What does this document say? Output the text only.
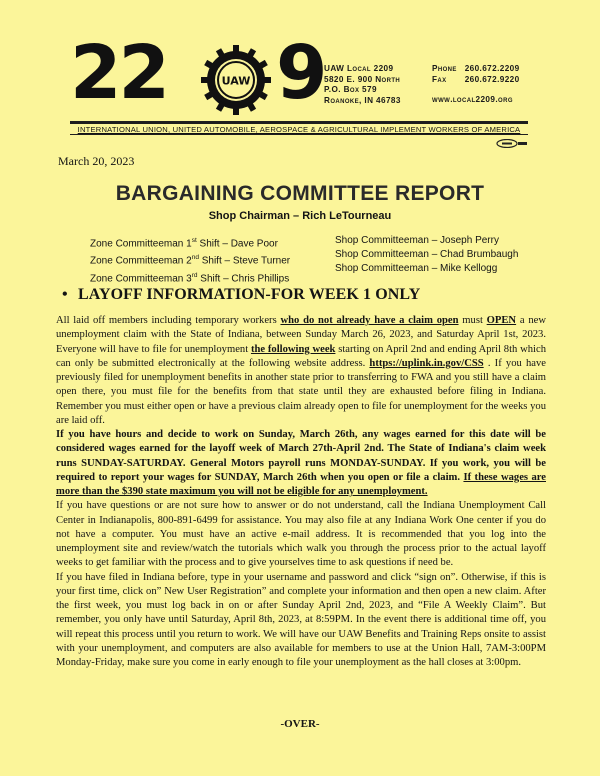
22	UAW 9 UAW Local 2209
5820 E. 900 North
P.O. Box 579
Roanoke, IN 46783
Phone 260.672.2209
Fax 260.672.9220
www.local2209.org
INTERNATIONAL UNION, UNITED AUTOMOBILE, AEROSPACE & AGRICULTURAL IMPLEMENT WORKERS OF AMERICA
March 20, 2023
BARGAINING COMMITTEE REPORT
Shop Chairman – Rich LeTourneau
Zone Committeeman 1st Shift – Dave Poor
Zone Committeeman 2nd Shift – Steve Turner
Zone Committeeman 3rd Shift – Chris Phillips
Shop Committeeman – Joseph Perry
Shop Committeeman – Chad Brumbaugh
Shop Committeeman – Mike Kellogg
• LAYOFF INFORMATION-FOR WEEK 1 ONLY

All laid off members including temporary workers who do not already have a claim open must OPEN a new unemployment claim with the State of Indiana, between Sunday March 26, 2023, and Saturday April 1st, 2023. Everyone will have to file for unemployment the following week starting on April 2nd and ending April 8th which can only be submitted electronically at the following website address. https://uplink.in.gov/CSS . If you have previously filed for unemployment benefits in another state prior to transferring to FWA and you still have a claim open there, you must file for the benefits from that state until they are exhausted before filing in Indiana. Remember you must either open or have a previous claim already open to file for unemployment for the weeks you are laid off.

If you have hours and decide to work on Sunday, March 26th, any wages earned for this date will be considered wages earned for the layoff week of March 27th-April 2nd. The State of Indiana's claim week runs SUNDAY-SATURDAY. General Motors payroll runs MONDAY-SUNDAY. If you work, you will be required to report your wages for SUNDAY, March 26th when you open or file a claim. If these wages are more than the $390 state maximum you will not be eligible for any unemployment.

If you have questions or are not sure how to answer or do not understand, call the Indiana Unemployment Call Center in Indianapolis, 800-891-6499 for assistance. You may also file at any Indiana Work One center if you do not have a computer. You must have an active e-mail address. It is recommended that you log into the unemployment site and review/watch the tutorials which walk you through the process prior to the actual layoff weeks to get familiar with the process and to give yourselves time to ask questions if need be.

If you have filed in Indiana before, type in your username and password and click “sign on”. Otherwise, if this is your first time, click on” New User Registration” and complete your information and then open a new claim. After the first week, you must log back in on or after Sunday April 2nd, 2023, and “File A Weekly Claim”. But remember, you only have until Saturday, April 8th, 2023, at 8:59PM. In the event there is additional time off, you will repeat this process until you return to work. We will have our UAW Benefits and Training Reps onsite to assist with your unemployment, and computers are also available for members to use at the Union Hall, 7AM-3:00PM Monday-Friday, make sure you come in early enough to file your unemployment as the hall closes at 3:00pm.

-OVER-
